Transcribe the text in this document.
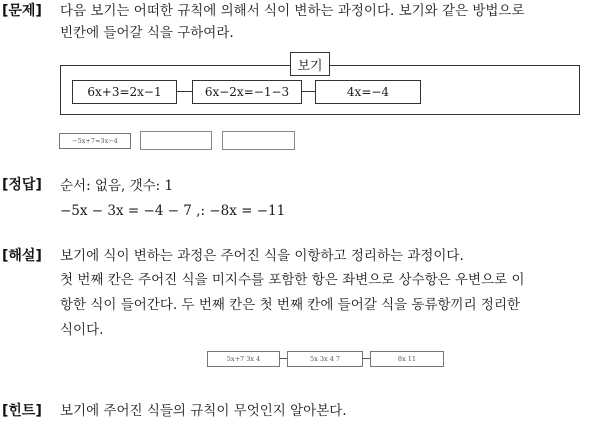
[문제] 다음 보기는 어떠한 규칙에 의해서 식이 변하는 과정이다. 보기와 같은 방법으로
빈칸에 들어갈 식을 구하여라.
보기
6x+3=2x−1	6x−2x=−1−3	4x=−4
−5x+7=3x−4
[정답] 순서: 없음, 갯수: 1
−5x − 3x = −4 − 7 ,: −8x = −11
[해설] 보기에 식이 변하는 과정은 주어진 식을 이항하고 정리하는 과정이다.
첫 번째 칸은 주어진 식을 미지수를 포함한 항은 좌변으로 상수항은 우변으로 이
항한 식이 들어간다. 두 번째 칸은 첫 번째 칸에 들어갈 식을 동류항끼리 정리한
식이다.
5x+7 3x 4	5x 3x 4 7	8x 11
[힌트] 보기에 주어진 식들의 규칙이 무엇인지 알아본다.
